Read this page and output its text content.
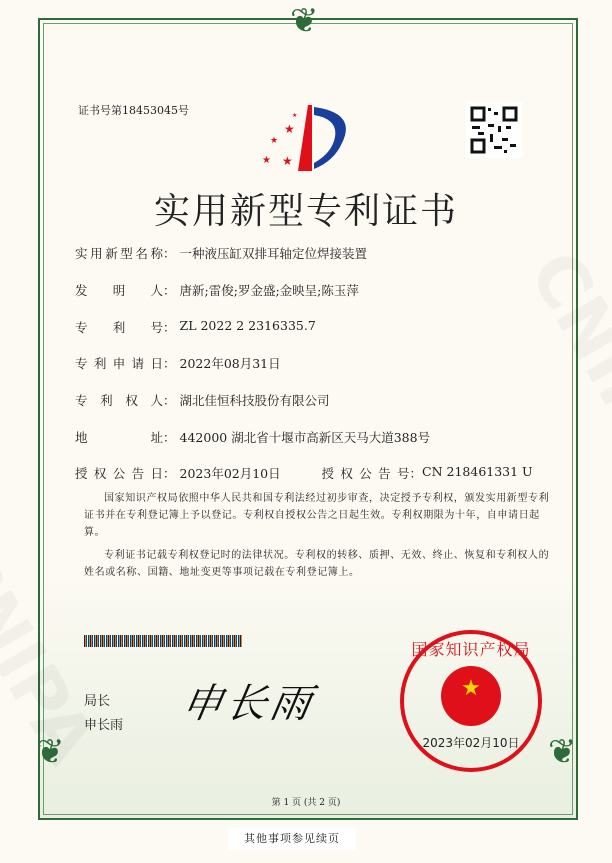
❦
❦	❦
证书号第18453045号
★
★
★ ★
★
实用新型专利证书
实用新型名称 ： 一种液压缸双排耳轴定位焊接装置
发明人 ： 唐新;雷俊;罗金盛;金映呈;陈玉萍
专利号 ： ZL 2022 2 2316335.7
专利申请日 ： 2022年08月31日
专利权人 ： 湖北佳恒科技股份有限公司
地址 ： 442000 湖北省十堰市高新区天马大道388号
授权公告日 ： 2023年02月10日	授权公告号 ： CN 218461331 U
国家知识产权局依照中华人民共和国专利法经过初步审查，决定授予专利权，颁发实用新型专利证书并在专利登记簿上予以登记。专利权自授权公告之日起生效。专利权期限为十年，自申请日起算。
专利证书记载专利权登记时的法律状况。专利权的转移、质押、无效、终止、恢复和专利权人的姓名或名称、国籍、地址变更等事项记载在专利登记簿上。
局长
申长雨 申长雨
国家知识产权局
★
2023年02月10日
第 1 页 (共 2 页)
其他事项参见续页
